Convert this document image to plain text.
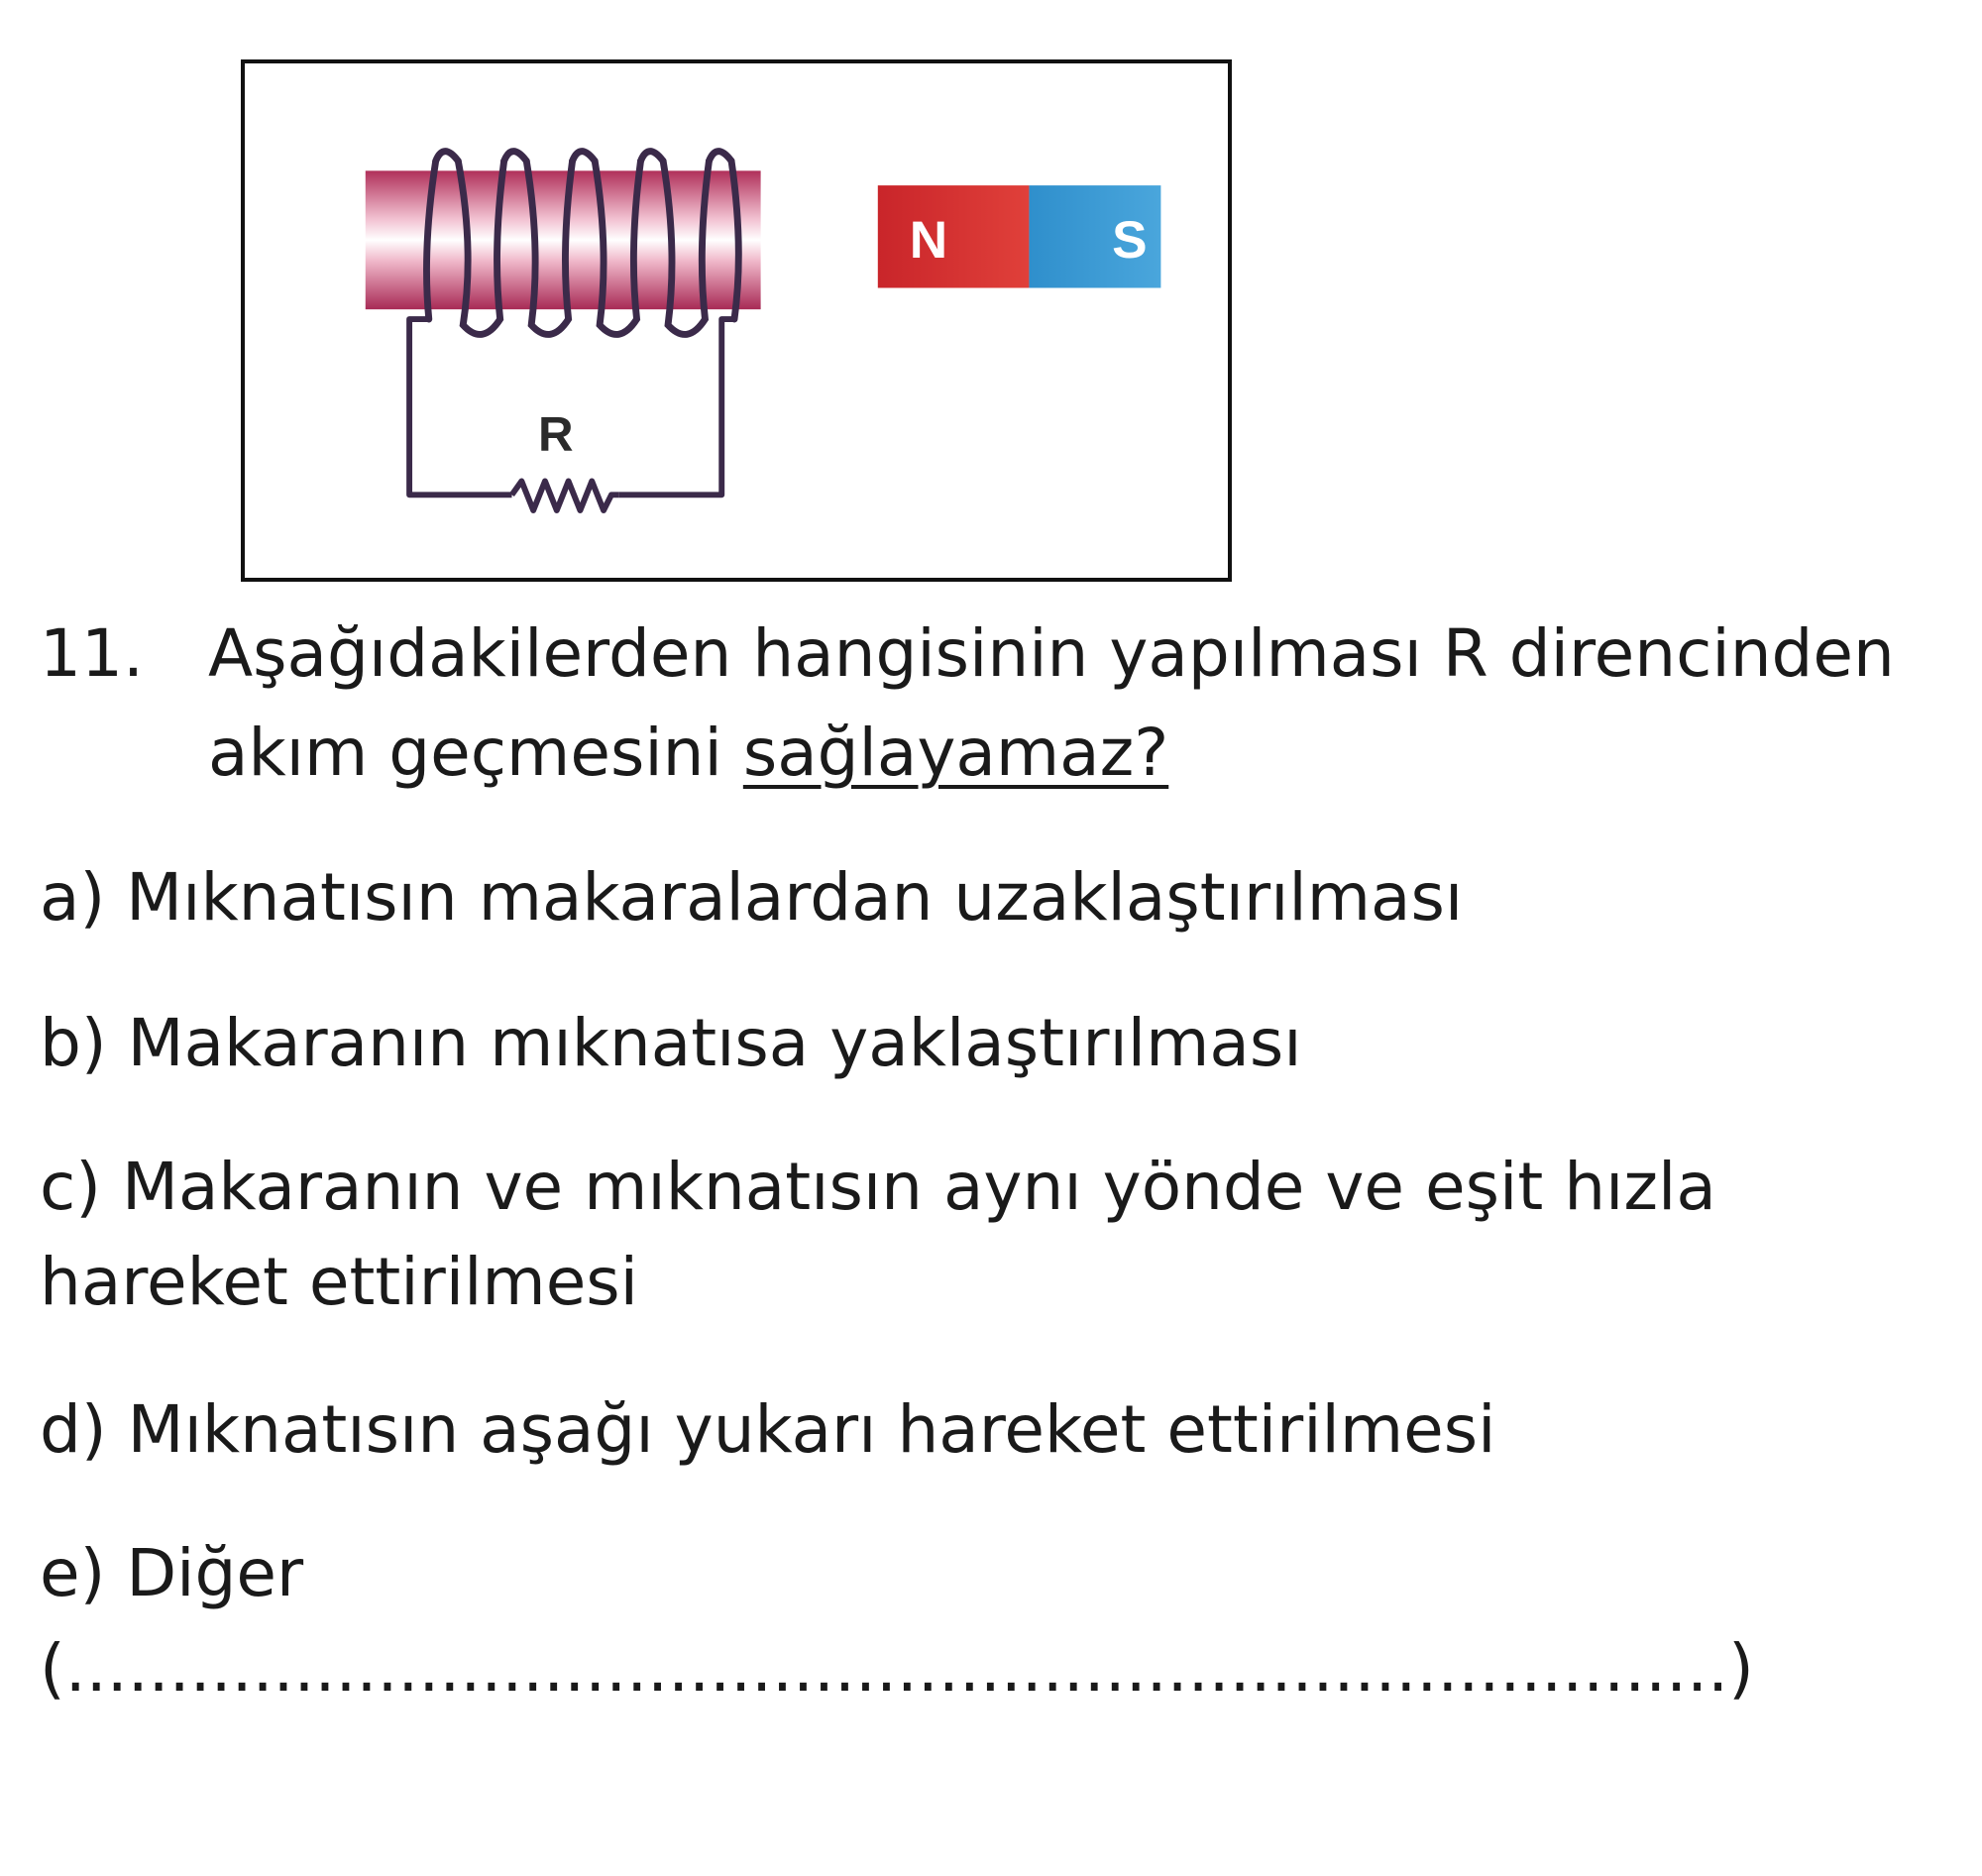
R
N	S
11. Aşağıdakilerden hangisinin yapılması R direncinden akım geçmesini sağlayamaz?
a) Mıknatısın makaralardan uzaklaştırılması
b) Makaranın mıknatısa yaklaştırılması
c) Makaranın ve mıknatısın aynı yönde ve eşit hızla hareket ettirilmesi
d) Mıknatısın aşağı yukarı hareket ettirilmesi
e) Diğer (................................................................................)
